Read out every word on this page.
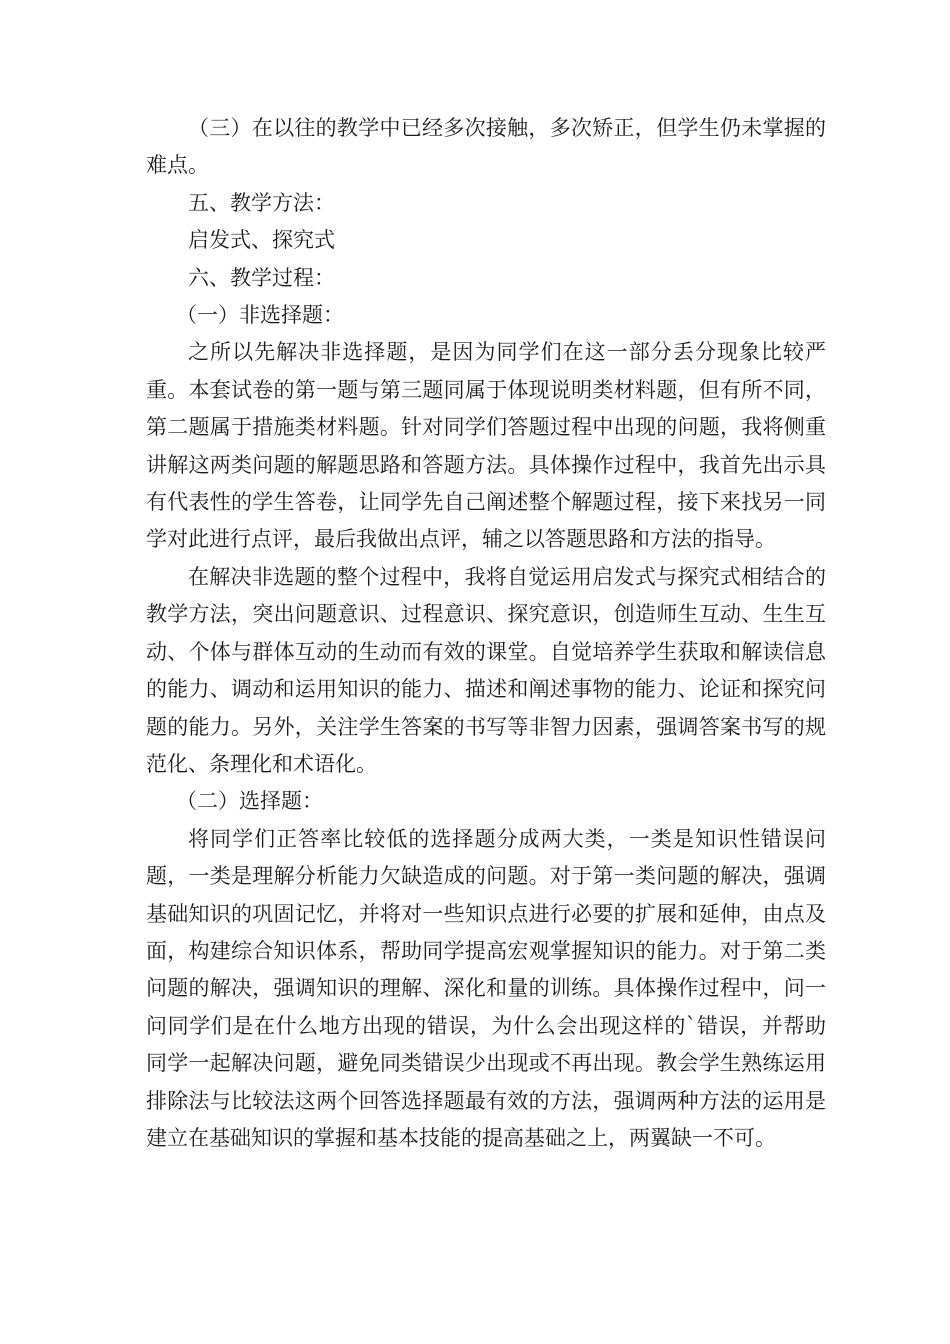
（三）在以往的教学中已经多次接触，多次矫正，但学生仍未掌握的难点。

五、教学方法：

启发式、探究式

六、教学过程：

（一）非选择题：

之所以先解决非选择题，是因为同学们在这一部分丢分现象比较严重。本套试卷的第一题与第三题同属于体现说明类材料题，但有所不同，第二题属于措施类材料题。针对同学们答题过程中出现的问题，我将侧重讲解这两类问题的解题思路和答题方法。具体操作过程中，我首先出示具有代表性的学生答卷，让同学先自己阐述整个解题过程，接下来找另一同学对此进行点评，最后我做出点评，辅之以答题思路和方法的指导。

在解决非选题的整个过程中，我将自觉运用启发式与探究式相结合的教学方法，突出问题意识、过程意识、探究意识，创造师生互动、生生互动、个体与群体互动的生动而有效的课堂。自觉培养学生获取和解读信息的能力、调动和运用知识的能力、描述和阐述事物的能力、论证和探究问题的能力。另外，关注学生答案的书写等非智力因素，强调答案书写的规范化、条理化和术语化。

（二）选择题：

将同学们正答率比较低的选择题分成两大类，一类是知识性错误问题，一类是理解分析能力欠缺造成的问题。对于第一类问题的解决，强调基础知识的巩固记忆，并将对一些知识点进行必要的扩展和延伸，由点及面，构建综合知识体系，帮助同学提高宏观掌握知识的能力。对于第二类问题的解决，强调知识的理解、深化和量的训练。具体操作过程中，问一问同学们是在什么地方出现的错误，为什么会出现这样的`错误，并帮助同学一起解决问题，避免同类错误少出现或不再出现。教会学生熟练运用排除法与比较法这两个回答选择题最有效的方法，强调两种方法的运用是建立在基础知识的掌握和基本技能的提高基础之上，两翼缺一不可。
